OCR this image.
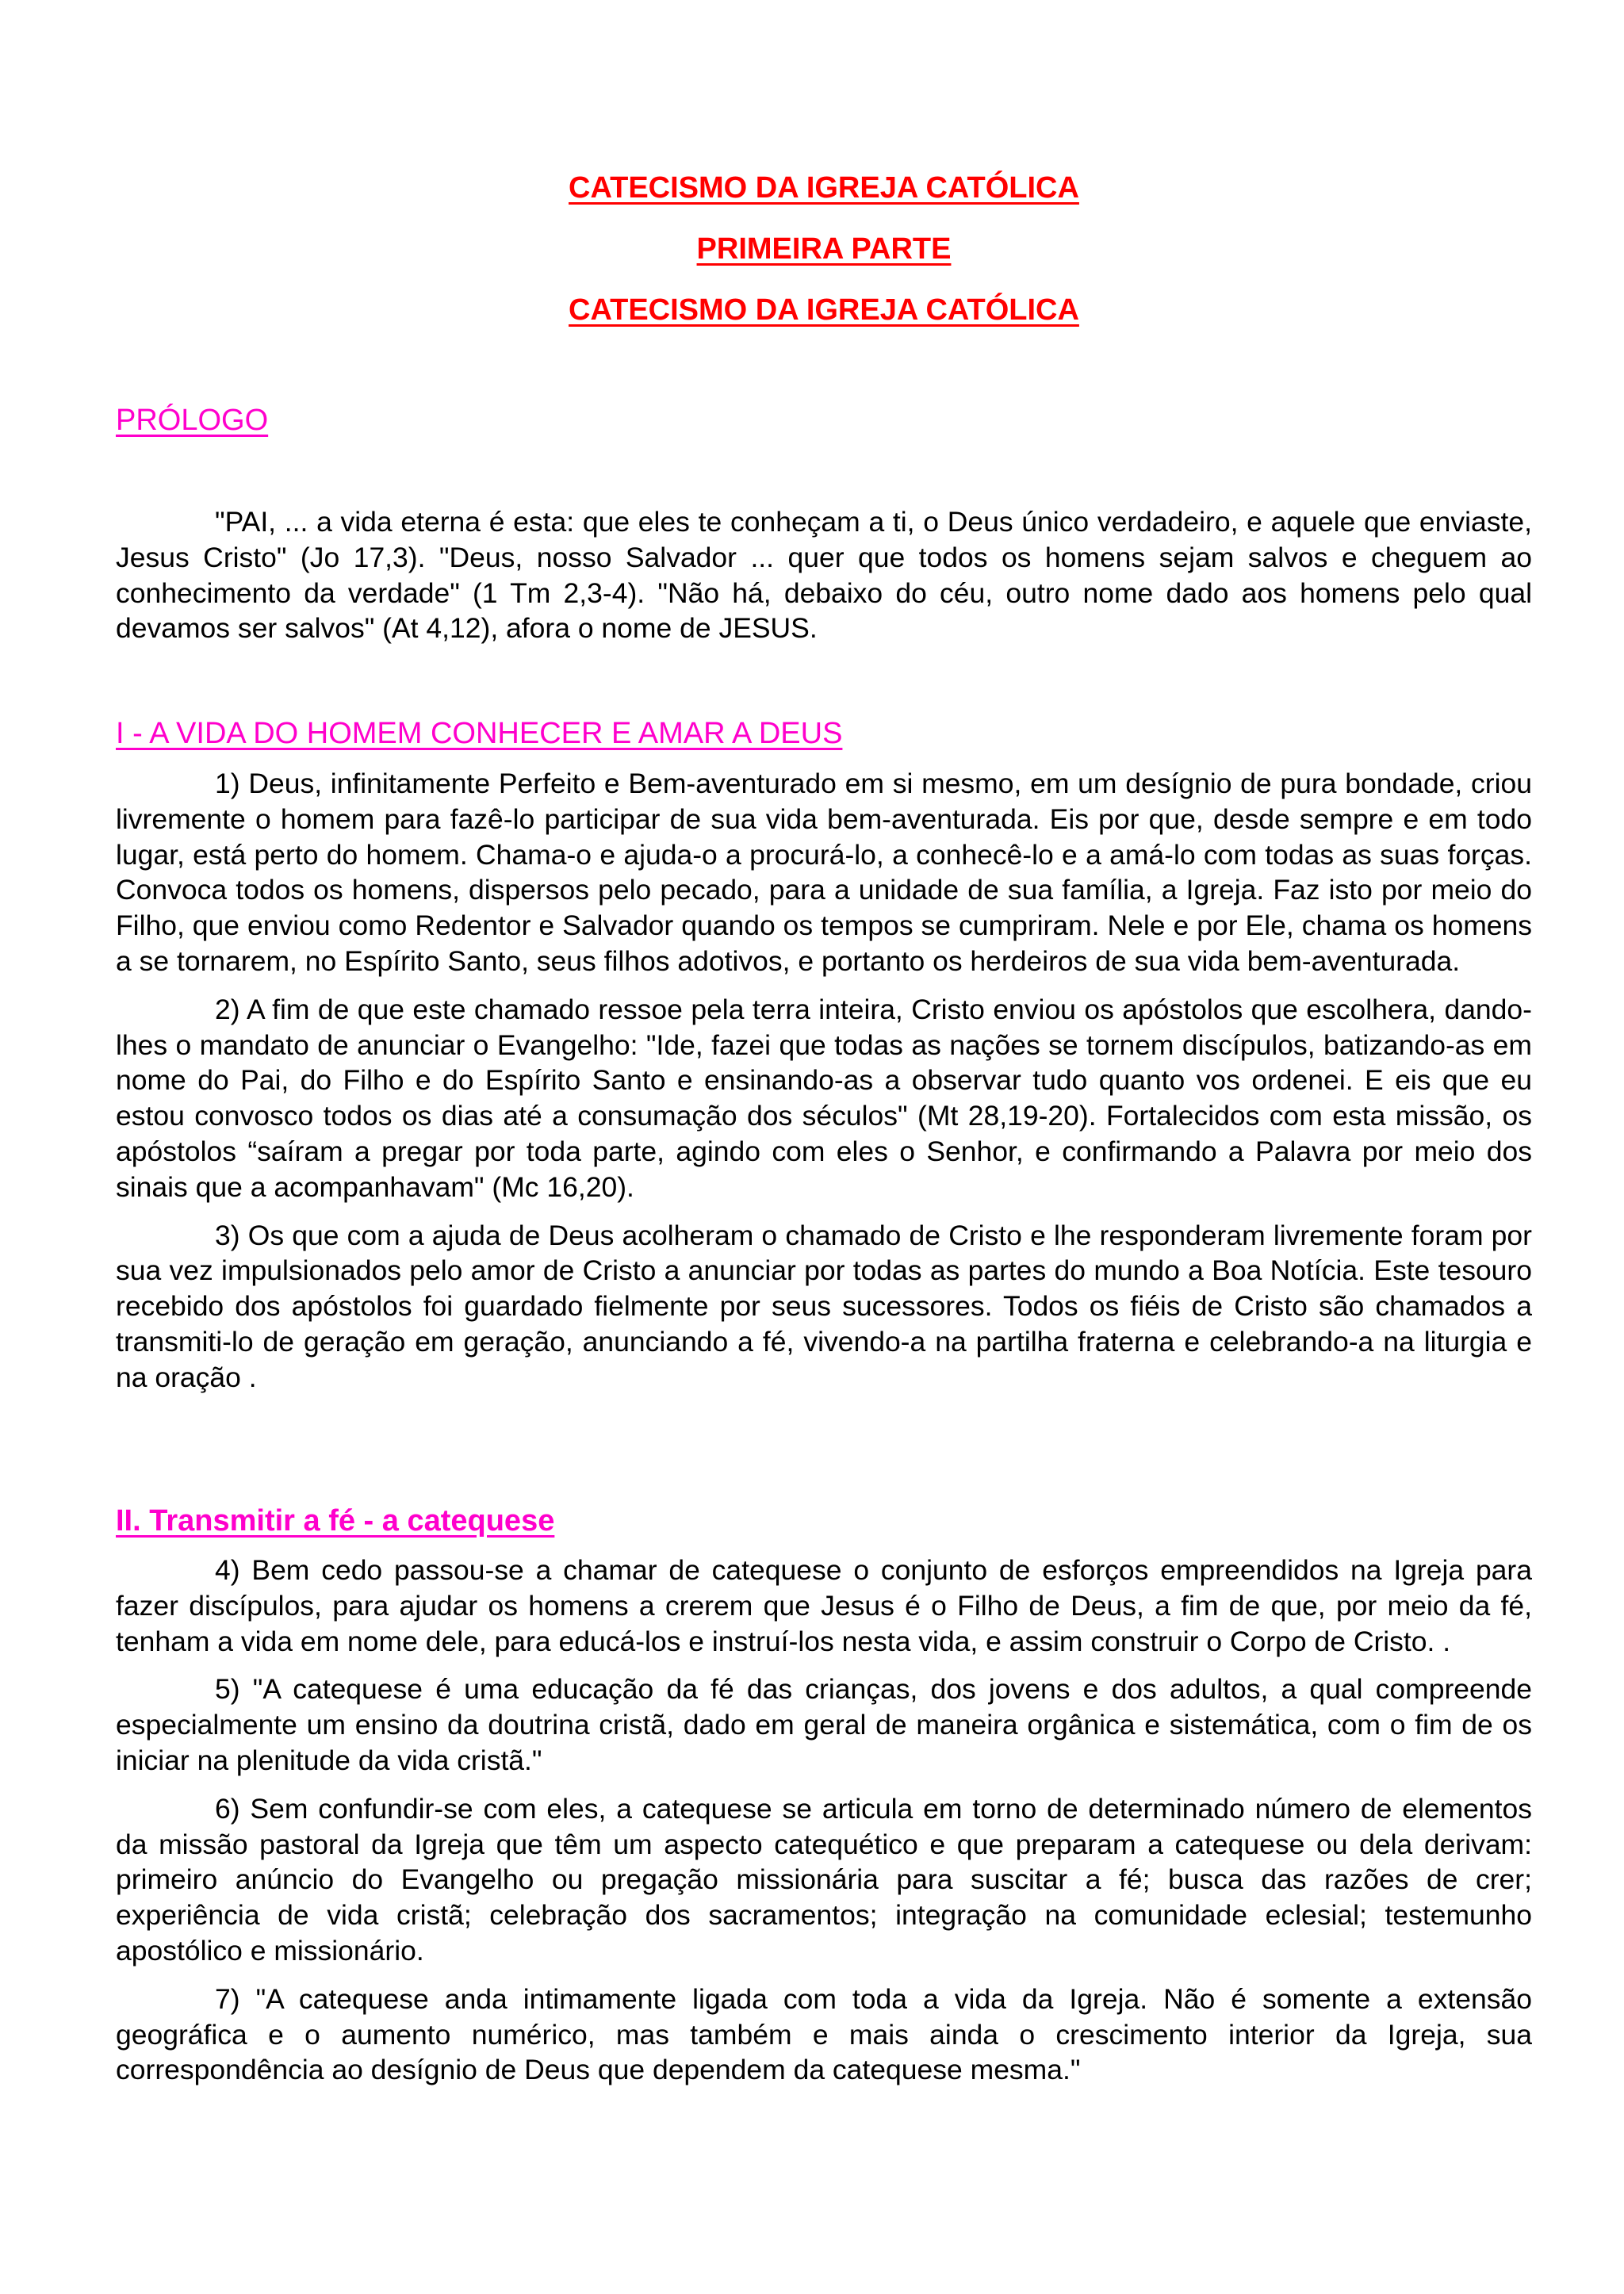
CATECISMO DA IGREJA CATÓLICA

PRIMEIRA PARTE

CATECISMO DA IGREJA CATÓLICA

PRÓLOGO

"PAI, ... a vida eterna é esta: que eles te conheçam a ti, o Deus único verdadeiro, e aquele que enviaste, Jesus Cristo" (Jo 17,3). "Deus, nosso Salvador ... quer que todos os homens sejam salvos e cheguem ao conhecimento da verdade" (1 Tm 2,3-4). "Não há, debaixo do céu, outro nome dado aos homens pelo qual devamos ser salvos" (At 4,12), afora o nome de JESUS.

I - A VIDA DO HOMEM CONHECER E AMAR A DEUS

1) Deus, infinitamente Perfeito e Bem-aventurado em si mesmo, em um desígnio de pura bondade, criou livremente o homem para fazê-lo participar de sua vida bem-aventurada. Eis por que, desde sempre e em todo lugar, está perto do homem. Chama-o e ajuda-o a procurá-lo, a conhecê-lo e a amá-lo com todas as suas forças. Convoca todos os homens, dispersos pelo pecado, para a unidade de sua família, a Igreja. Faz isto por meio do Filho, que enviou como Redentor e Salvador quando os tempos se cumpriram. Nele e por Ele, chama os homens a se tornarem, no Espírito Santo, seus filhos adotivos, e portanto os herdeiros de sua vida bem-aventurada.

2) A fim de que este chamado ressoe pela terra inteira, Cristo enviou os apóstolos que escolhera, dando-lhes o mandato de anunciar o Evangelho: "Ide, fazei que todas as nações se tornem discípulos, batizando-as em nome do Pai, do Filho e do Espírito Santo e ensinando-as a observar tudo quanto vos ordenei. E eis que eu estou convosco todos os dias até a consumação dos séculos" (Mt 28,19-20). Fortalecidos com esta missão, os apóstolos “saíram a pregar por toda parte, agindo com eles o Senhor, e confirmando a Palavra por meio dos sinais que a acompanhavam" (Mc 16,20).

3) Os que com a ajuda de Deus acolheram o chamado de Cristo e lhe responderam livremente foram por sua vez impulsionados pelo amor de Cristo a anunciar por todas as partes do mundo a Boa Notícia. Este tesouro recebido dos apóstolos foi guardado fielmente por seus sucessores. Todos os fiéis de Cristo são chamados a transmiti-lo de geração em geração, anunciando a fé, vivendo-a na partilha fraterna e celebrando-a na liturgia e na oração .

II. Transmitir a fé - a catequese

4) Bem cedo passou-se a chamar de catequese o conjunto de esforços empreendidos na Igreja para fazer discípulos, para ajudar os homens a crerem que Jesus é o Filho de Deus, a fim de que, por meio da fé, tenham a vida em nome dele, para educá-los e instruí-los nesta vida, e assim construir o Corpo de Cristo. .

5) "A catequese é uma educação da fé das crianças, dos jovens e dos adultos, a qual compreende especialmente um ensino da doutrina cristã, dado em geral de maneira orgânica e sistemática, com o fim de os iniciar na plenitude da vida cristã."

6) Sem confundir-se com eles, a catequese se articula em torno de determinado número de elementos da missão pastoral da Igreja que têm um aspecto catequético e que preparam a catequese ou dela derivam: primeiro anúncio do Evangelho ou pregação missionária para suscitar a fé; busca das razões de crer; experiência de vida cristã; celebração dos sacramentos; integração na comunidade eclesial; testemunho apostólico e missionário.

7) "A catequese anda intimamente ligada com toda a vida da Igreja. Não é somente a extensão geográfica e o aumento numérico, mas também e mais ainda o crescimento interior da Igreja, sua correspondência ao desígnio de Deus que dependem da catequese mesma."
